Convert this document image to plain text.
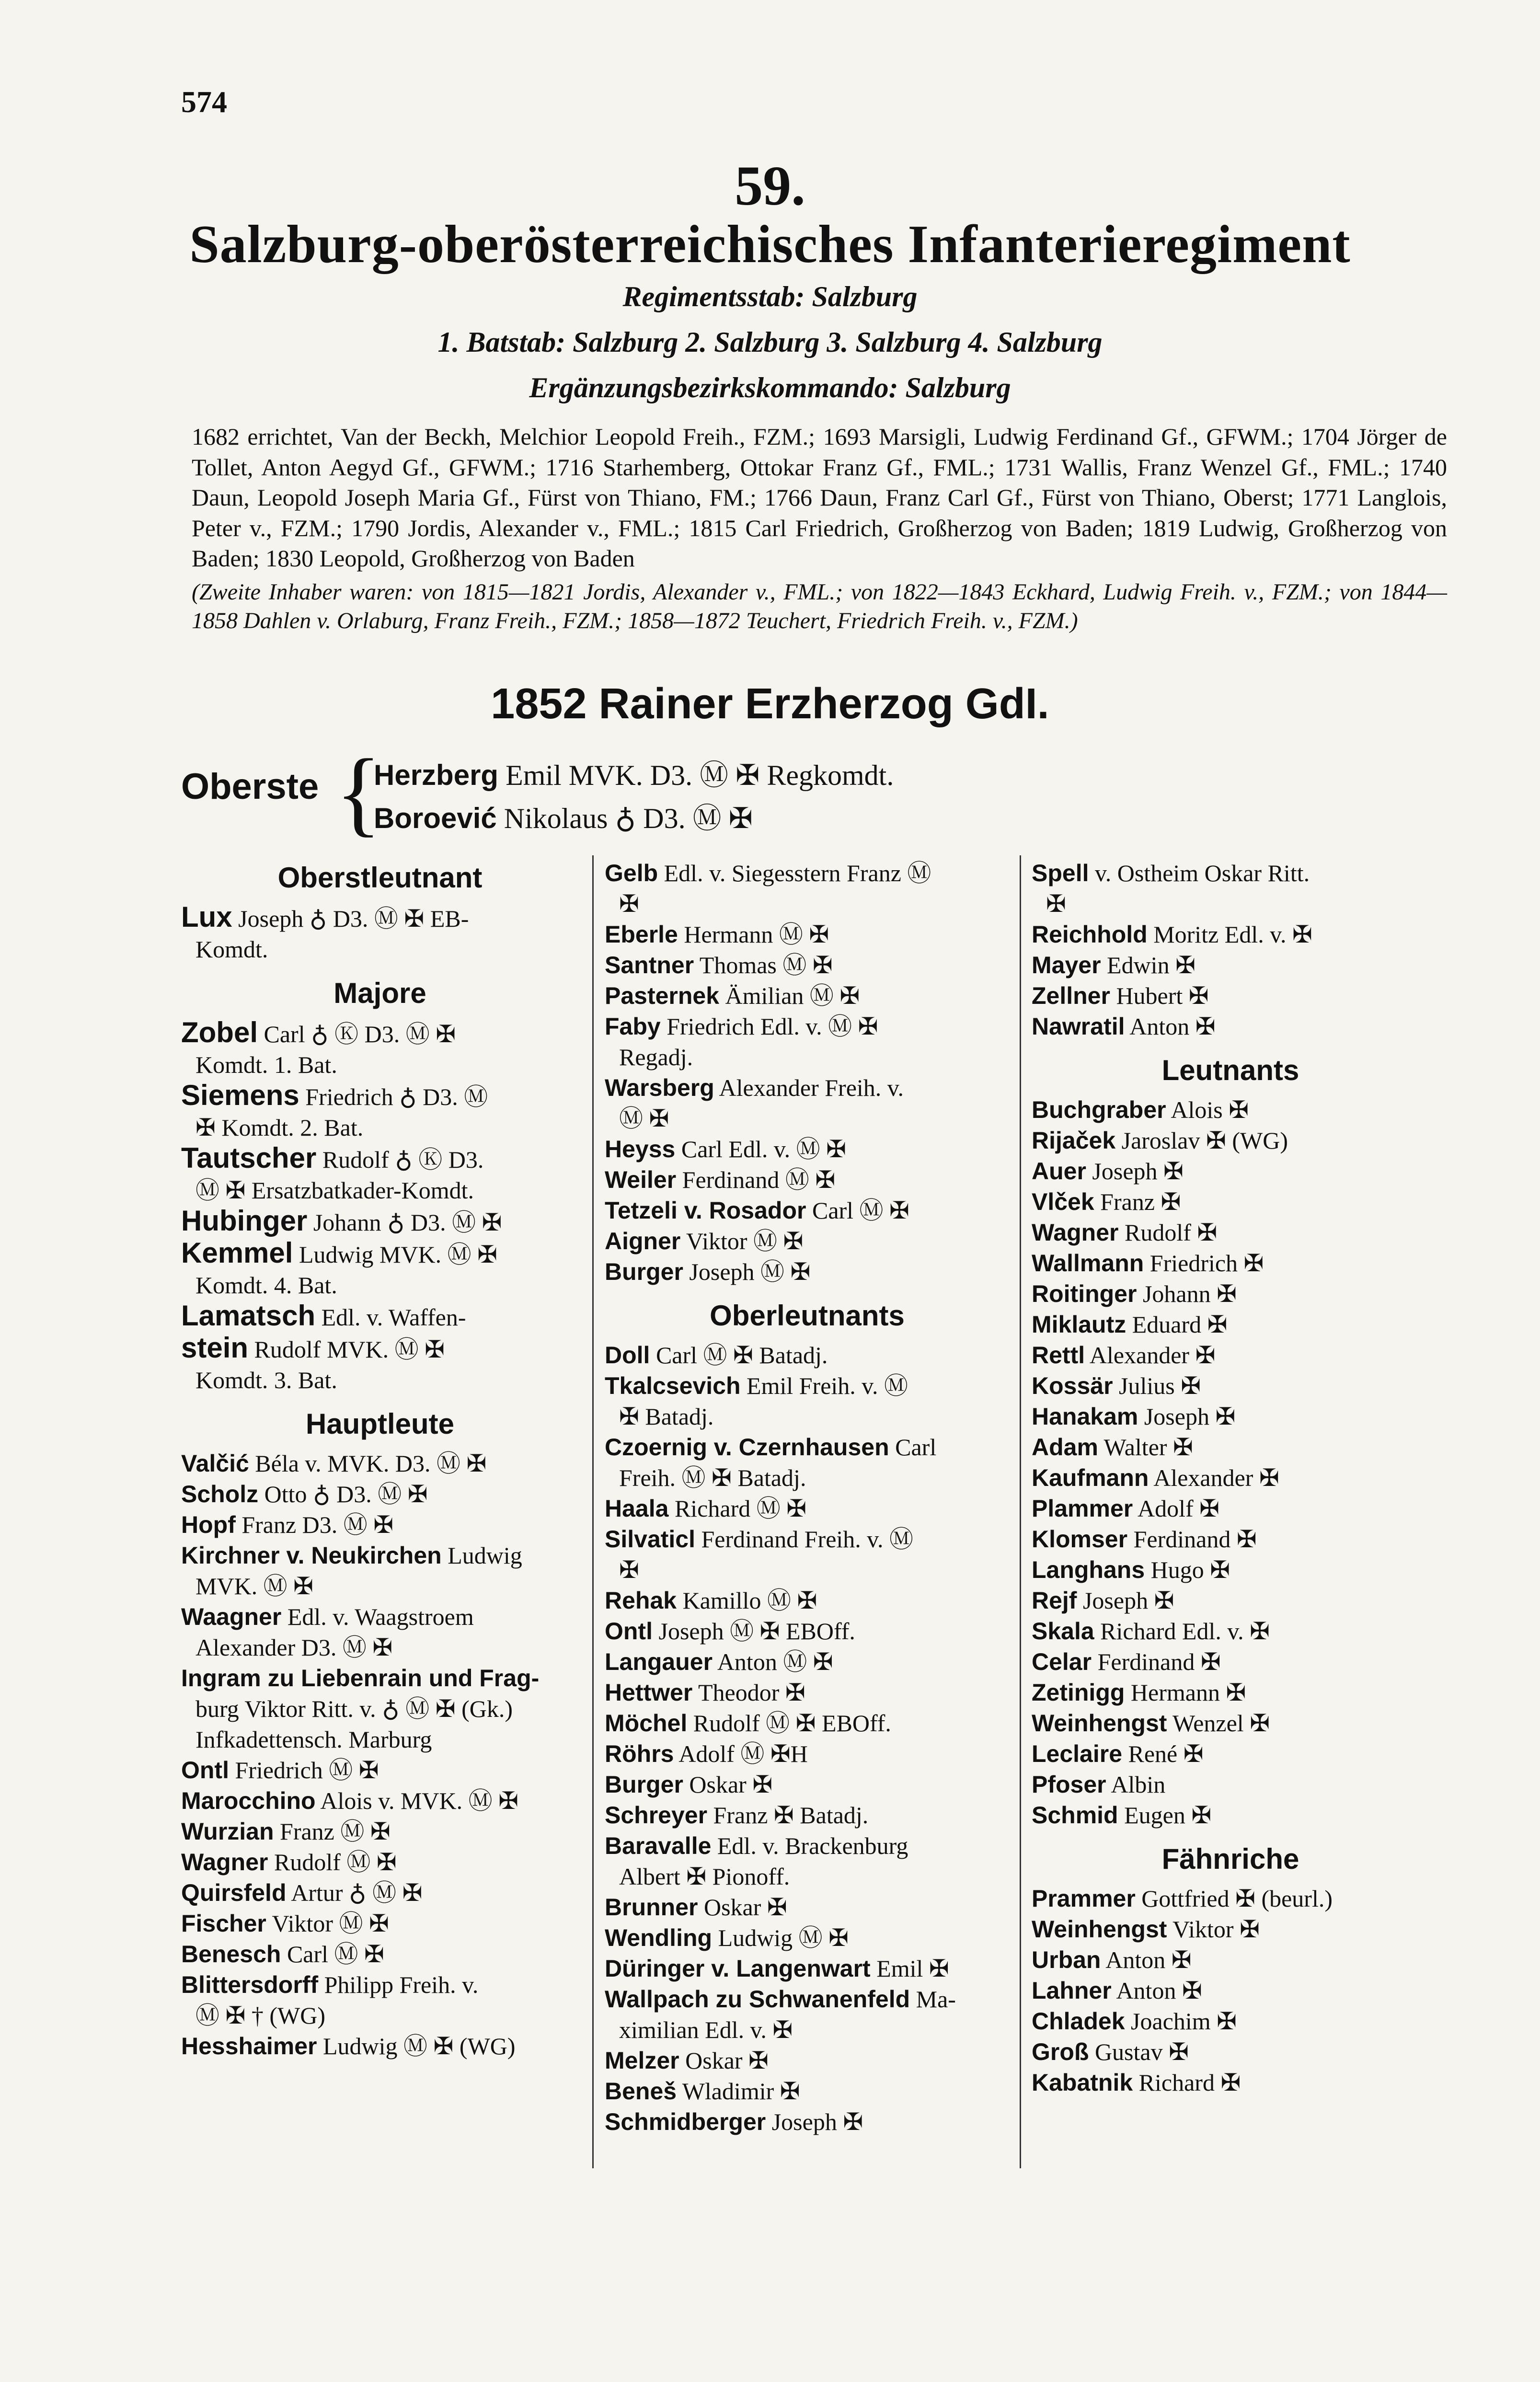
574
59.
Salzburg-oberösterreichisches Infanterieregiment
Regimentsstab: Salzburg
1. Batstab: Salzburg 2. Salzburg 3. Salzburg 4. Salzburg
Ergänzungsbezirkskommando: Salzburg

1682 errichtet, Van der Beckh, Melchior Leopold Freih., FZM.; 1693 Marsigli, Ludwig Ferdinand Gf., GFWM.; 1704 Jörger de Tollet, Anton Aegyd Gf., GFWM.; 1716 Starhemberg, Ottokar Franz Gf., FML.; 1731 Wallis, Franz Wenzel Gf., FML.; 1740 Daun, Leopold Joseph Maria Gf., Fürst von Thiano, FM.; 1766 Daun, Franz Carl Gf., Fürst von Thiano, Oberst; 1771 Langlois, Peter v., FZM.; 1790 Jordis, Alexander v., FML.; 1815 Carl Friedrich, Großherzog von Baden; 1819 Ludwig, Großherzog von Baden; 1830 Leopold, Großherzog von Baden

(Zweite Inhaber waren: von 1815—1821 Jordis, Alexander v., FML.; von 1822—1843 Eckhard, Ludwig Freih. v., FZM.; von 1844—1858 Dahlen v. Orlaburg, Franz Freih., FZM.; 1858—1872 Teuchert, Friedrich Freih. v., FZM.)

1852 Rainer Erzherzog GdI.
Oberste {
Herzberg Emil MVK. D3. Ⓜ ✠ Regkomdt.
Boroević Nikolaus ♁ D3. Ⓜ ✠
Oberstleutnant
Lux Joseph ♁ D3. Ⓜ ✠ EB-
Komdt.
Majore
Zobel Carl ♁ Ⓚ D3. Ⓜ ✠
Komdt. 1. Bat.
Siemens Friedrich ♁ D3. Ⓜ
✠ Komdt. 2. Bat.
Tautscher Rudolf ♁ Ⓚ D3.
Ⓜ ✠ Ersatzbatkader-Komdt.
Hubinger Johann ♁ D3. Ⓜ ✠
Kemmel Ludwig MVK. Ⓜ ✠
Komdt. 4. Bat.
Lamatsch Edl. v. Waffen-
stein Rudolf MVK. Ⓜ ✠
Komdt. 3. Bat.
Hauptleute
Valčić Béla v. MVK. D3. Ⓜ ✠
Scholz Otto ♁ D3. Ⓜ ✠
Hopf Franz D3. Ⓜ ✠
Kirchner v. Neukirchen Ludwig
MVK. Ⓜ ✠
Waagner Edl. v. Waagstroem
Alexander D3. Ⓜ ✠
Ingram zu Liebenrain und Frag-
burg Viktor Ritt. v. ♁ Ⓜ ✠ (Gk.) Infkadettensch. Marburg
Ontl Friedrich Ⓜ ✠
Marocchino Alois v. MVK. Ⓜ ✠
Wurzian Franz Ⓜ ✠
Wagner Rudolf Ⓜ ✠
Quirsfeld Artur ♁ Ⓜ ✠
Fischer Viktor Ⓜ ✠
Benesch Carl Ⓜ ✠
Blittersdorff Philipp Freih. v.
Ⓜ ✠ † (WG)
Hesshaimer Ludwig Ⓜ ✠ (WG)
Gelb Edl. v. Siegesstern Franz Ⓜ
✠
Eberle Hermann Ⓜ ✠
Santner Thomas Ⓜ ✠
Pasternek Ämilian Ⓜ ✠
Faby Friedrich Edl. v. Ⓜ ✠
Regadj.
Warsberg Alexander Freih. v.
Ⓜ ✠
Heyss Carl Edl. v. Ⓜ ✠
Weiler Ferdinand Ⓜ ✠
Tetzeli v. Rosador Carl Ⓜ ✠
Aigner Viktor Ⓜ ✠
Burger Joseph Ⓜ ✠
Oberleutnants
Doll Carl Ⓜ ✠ Batadj.
Tkalcsevich Emil Freih. v. Ⓜ
✠ Batadj.
Czoernig v. Czernhausen Carl
Freih. Ⓜ ✠ Batadj.
Haala Richard Ⓜ ✠
Silvaticl Ferdinand Freih. v. Ⓜ
✠
Rehak Kamillo Ⓜ ✠
Ontl Joseph Ⓜ ✠ EBOff.
Langauer Anton Ⓜ ✠
Hettwer Theodor ✠
Möchel Rudolf Ⓜ ✠ EBOff.
Röhrs Adolf Ⓜ ✠H
Burger Oskar ✠
Schreyer Franz ✠ Batadj.
Baravalle Edl. v. Brackenburg
Albert ✠ Pionoff.
Brunner Oskar ✠
Wendling Ludwig Ⓜ ✠
Düringer v. Langenwart Emil ✠
Wallpach zu Schwanenfeld Ma-
ximilian Edl. v. ✠
Melzer Oskar ✠
Beneš Wladimir ✠
Schmidberger Joseph ✠
Spell v. Ostheim Oskar Ritt.
✠
Reichhold Moritz Edl. v. ✠
Mayer Edwin ✠
Zellner Hubert ✠
Nawratil Anton ✠
Leutnants
Buchgraber Alois ✠
Rijaček Jaroslav ✠ (WG)
Auer Joseph ✠
Vlček Franz ✠
Wagner Rudolf ✠
Wallmann Friedrich ✠
Roitinger Johann ✠
Miklautz Eduard ✠
Rettl Alexander ✠
Kossär Julius ✠
Hanakam Joseph ✠
Adam Walter ✠
Kaufmann Alexander ✠
Plammer Adolf ✠
Klomser Ferdinand ✠
Langhans Hugo ✠
Rejf Joseph ✠
Skala Richard Edl. v. ✠
Celar Ferdinand ✠
Zetinigg Hermann ✠
Weinhengst Wenzel ✠
Leclaire René ✠
Pfoser Albin
Schmid Eugen ✠
Fähnriche
Prammer Gottfried ✠ (beurl.)
Weinhengst Viktor ✠
Urban Anton ✠
Lahner Anton ✠
Chladek Joachim ✠
Groß Gustav ✠
Kabatnik Richard ✠
